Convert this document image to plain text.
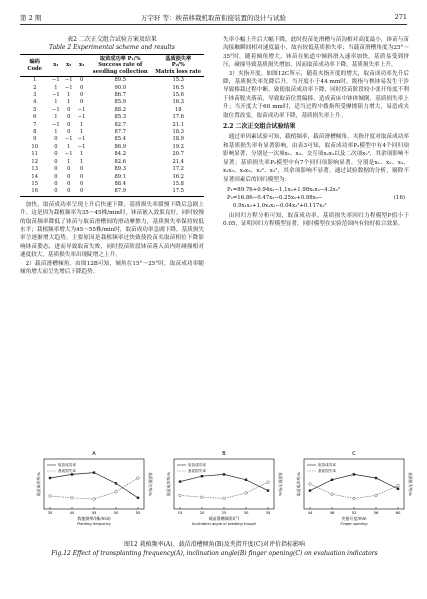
第 2 期	万宇轩 等：秧苗移栽机取苗衔接装置的设计与试验	271
表2 二次正交组合试验方案及结果
Table 2 Experimental scheme and results
编码
Code	x₁	x₂	x₃	取苗成功率 P₁/%
Success rate of
seedling collection	基质损失率
P₂/%
Matrix loss rate
1	−1	−1	0	89.5	15.3
2	1	−1	0	90.0	16.5
3	−1	1	0	86.7	15.6
4	1	1	0	85.9	16.3
5	−1	0	−1	88.2	18
6	1	0	−1	85.3	17.6
7	−1	0	1	82.7	21.1
8	1	0	1	87.7	18.3
9	0	−1	−1	85.4	18.9
10	0	1	−1	86.9	19.2
11	0	−1	1	84.2	20.7
12	0	1	1	82.6	21.4
13	0	0	0	89.3	17.2
14	0	0	0	89.1	16.2
15	0	0	0	88.4	15.8
16	0	0	0	87.9	17.5

加快，取苗成功率呈现上升后快速下降，基质损失率缓慢下降后急剧上升。这是因为栽植频率为35～45株/min时，钵苗嵌入效果良好，同时较慢的取苗频率降低了钵苗与取苗滑槽间的滑动摩擦力，基质损失率保持较低水平；栽植频率增大为45～55株/min时，取苗成功率急剧下降，基质损失率呈逐渐增大趋势，主要原因是栽植频率过快致使投苗夹取苗相位下降影响钵苗姿态，进而导致取苗失败，同时投苗阶段钵苗落入苗内时碰撞相对速度较大，基质损失率出现陡增之上升。

2）载苗滑槽倾角。由图12B可知，倾角在15°～25°时，取苗成功率随倾角增大而呈先增后下降趋势。

失率小幅上升后大幅下降，此时投苗处滑槽与苗沟相对高度最小，钵苗与苗沟接触瞬间相对速度最小，故有较低基质损失率；当载苗滑槽角度为25°～35°时，随着倾角增大，钵苗在轨道中倾斜滑入速率加快，基质易受到挤压，碰撞导致基质损失增加，因而取苗成功率下降，基质损失率上升。

3）夹指开度。如图12C所示，随着夹指开度的增大，取苗成功率先升后降，基质损失率先降后升。当开度小于44 mm时，拨指与秧钵易发生干涉导致移栽过程中断，致使取苗成功率下降，同时投苗阶段较小张开角度不利于钵苗脱夹落苗，导致取苗位置偏移，造成苗床中钵体倾倒，基质损失率上升；当开度大于60 mm时，适当过程中拨指所受摩擦阻力增大，易造成夹取位置改变，取苗成功率下降，基质损失率上升。

2.2 二次正交组合试验结果

通过单因素试验可知，载植频率、载苗滑槽倾角、夹指开度对取苗成功率和基质损失率有显著影响。由表3可知，取苗成功率P₁模型中有4个回归项影响显著，分别是一次项x₁、x₃、交互项x₂x₃以及二次项x₂²，其余项影响不显著；基质损失率P₂模型中有7个回归项影响显著，分别是x₁、x₂、x₃、x₂x₃、x₂x₃、x₂²、x₃²，其余项影响不显著。通过试验数据的分析，剔除不显著因素后的回归模型为：

P₁=89.76+0.94x₁−1.1x₃+1.98x₂x₃−4.2x₂²
P₂=16.86−0.47x₃−0.25x₂+0.98x₃−
0.9x₁x₂+1.0x₁x₃−0.04x₂²+0.117x₃²
(16)

由回归方程分析可知，取苗成功率、基质损失率回归力程模型P值小于0.05，证明回归方程模型显著，同时模型在实验范围内有较好拟合效果。

A
取苗成功率
基质损失率
35	40	45	50	55
栽植频率/(株/min)
Planting frequency
取苗成功率/%	基质损失率/%
B
取苗成功率
基质损失率
15	20	25	30	35
载苗滑槽倾角/(°)
Inclination angle of seedling trough
取苗成功率/%	基质损失率/%
C
取苗成功率
基质损失率
44	48	52	56	60
夹指开度/mm
Finger opening
取苗成功率/%	基质损失率/%
图12 栽植频率(A)、载苗滑槽倾角(B)及夹指开度(C)对评价指标影响
Fig.12 Effect of transplanting frequency(A), inclination angle(B) finger opening(C) on evaluation indicators
